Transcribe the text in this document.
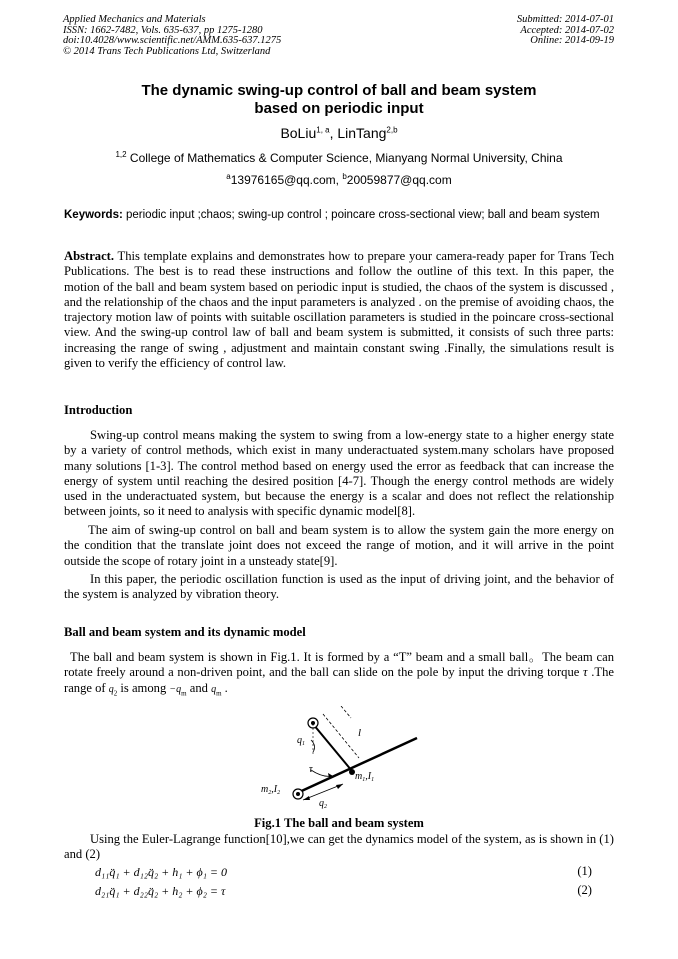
Applied Mechanics and Materials
ISSN: 1662-7482, Vols. 635-637, pp 1275-1280
doi:10.4028/www.scientific.net/AMM.635-637.1275
© 2014 Trans Tech Publications Ltd, Switzerland
Submitted: 2014-07-01
Accepted: 2014-07-02
Online: 2014-09-19
The dynamic swing-up control of ball and beam system
based on periodic input
BoLiu$^{1, a}$, LinTang$^{2,b}$
$^{1,2}$ College of Mathematics & Computer Science, Mianyang Normal University, China
$^a$13976165@qq.com, $^b$20059877@qq.com
Keywords: periodic input ;chaos; swing-up control ; poincare cross-sectional view; ball and beam system
Abstract. This template explains and demonstrates how to prepare your camera-ready paper for Trans Tech Publications. The best is to read these instructions and follow the outline of this text. In this paper, the motion of the ball and beam system based on periodic input is studied, the chaos of the system is discussed , and the relationship of the chaos and the input parameters is analyzed . on the premise of avoiding chaos, the trajectory motion law of points with suitable oscillation parameters is studied in the poincare cross-sectional view. And the swing-up control law of ball and beam system is submitted, it consists of such three parts: increasing the range of swing , adjustment and maintain constant swing .Finally, the simulations result is given to verify the efficiency of control law.
Introduction
Swing-up control means making the system to swing from a low-energy state to a higher energy state by a variety of control methods, which exist in many underactuated system.many scholars have proposed many solutions [1-3]. The control method based on energy used the error as feedback that can increase the energy of system until reaching the desired position [4-7]. Though the energy control methods are widely used in the underactuated system, but because the energy is a scalar and does not reflect the relationship between joints, so it need to analysis with specific dynamic model[8].
The aim of swing-up control on ball and beam system is to allow the system gain the more energy on the condition that the translate joint does not exceed the range of motion, and it will arrive in the point outside the scope of rotary joint in a unsteady state[9].
In this paper, the periodic oscillation function is used as the input of driving joint, and the behavior of the system is analyzed by vibration theory.
Ball and beam system and its dynamic model
The ball and beam system is shown in Fig.1. It is formed by a “T” beam and a small ball。The beam can rotate freely around a non-driven point, and the ball can slide on the pole by input the driving torque τ .The range of $q_2$ is among $-q_m$ and $q_m$ .
$q_1$
l
τ
$m_1,I_1$
$m_2,I_2$
$q_2$
Fig.1 The ball and beam system
Using the Euler-Lagrange function[10],we can get the dynamics model of the system, as is shown in (1) and (2)
d₁₁q̈₁ + d₁₂q̈₂ + h₁ + ϕ₁ = 0	(1)
d₂₁q̈₁ + d₂₂q̈₂ + h₂ + ϕ₂ = τ	(2)
